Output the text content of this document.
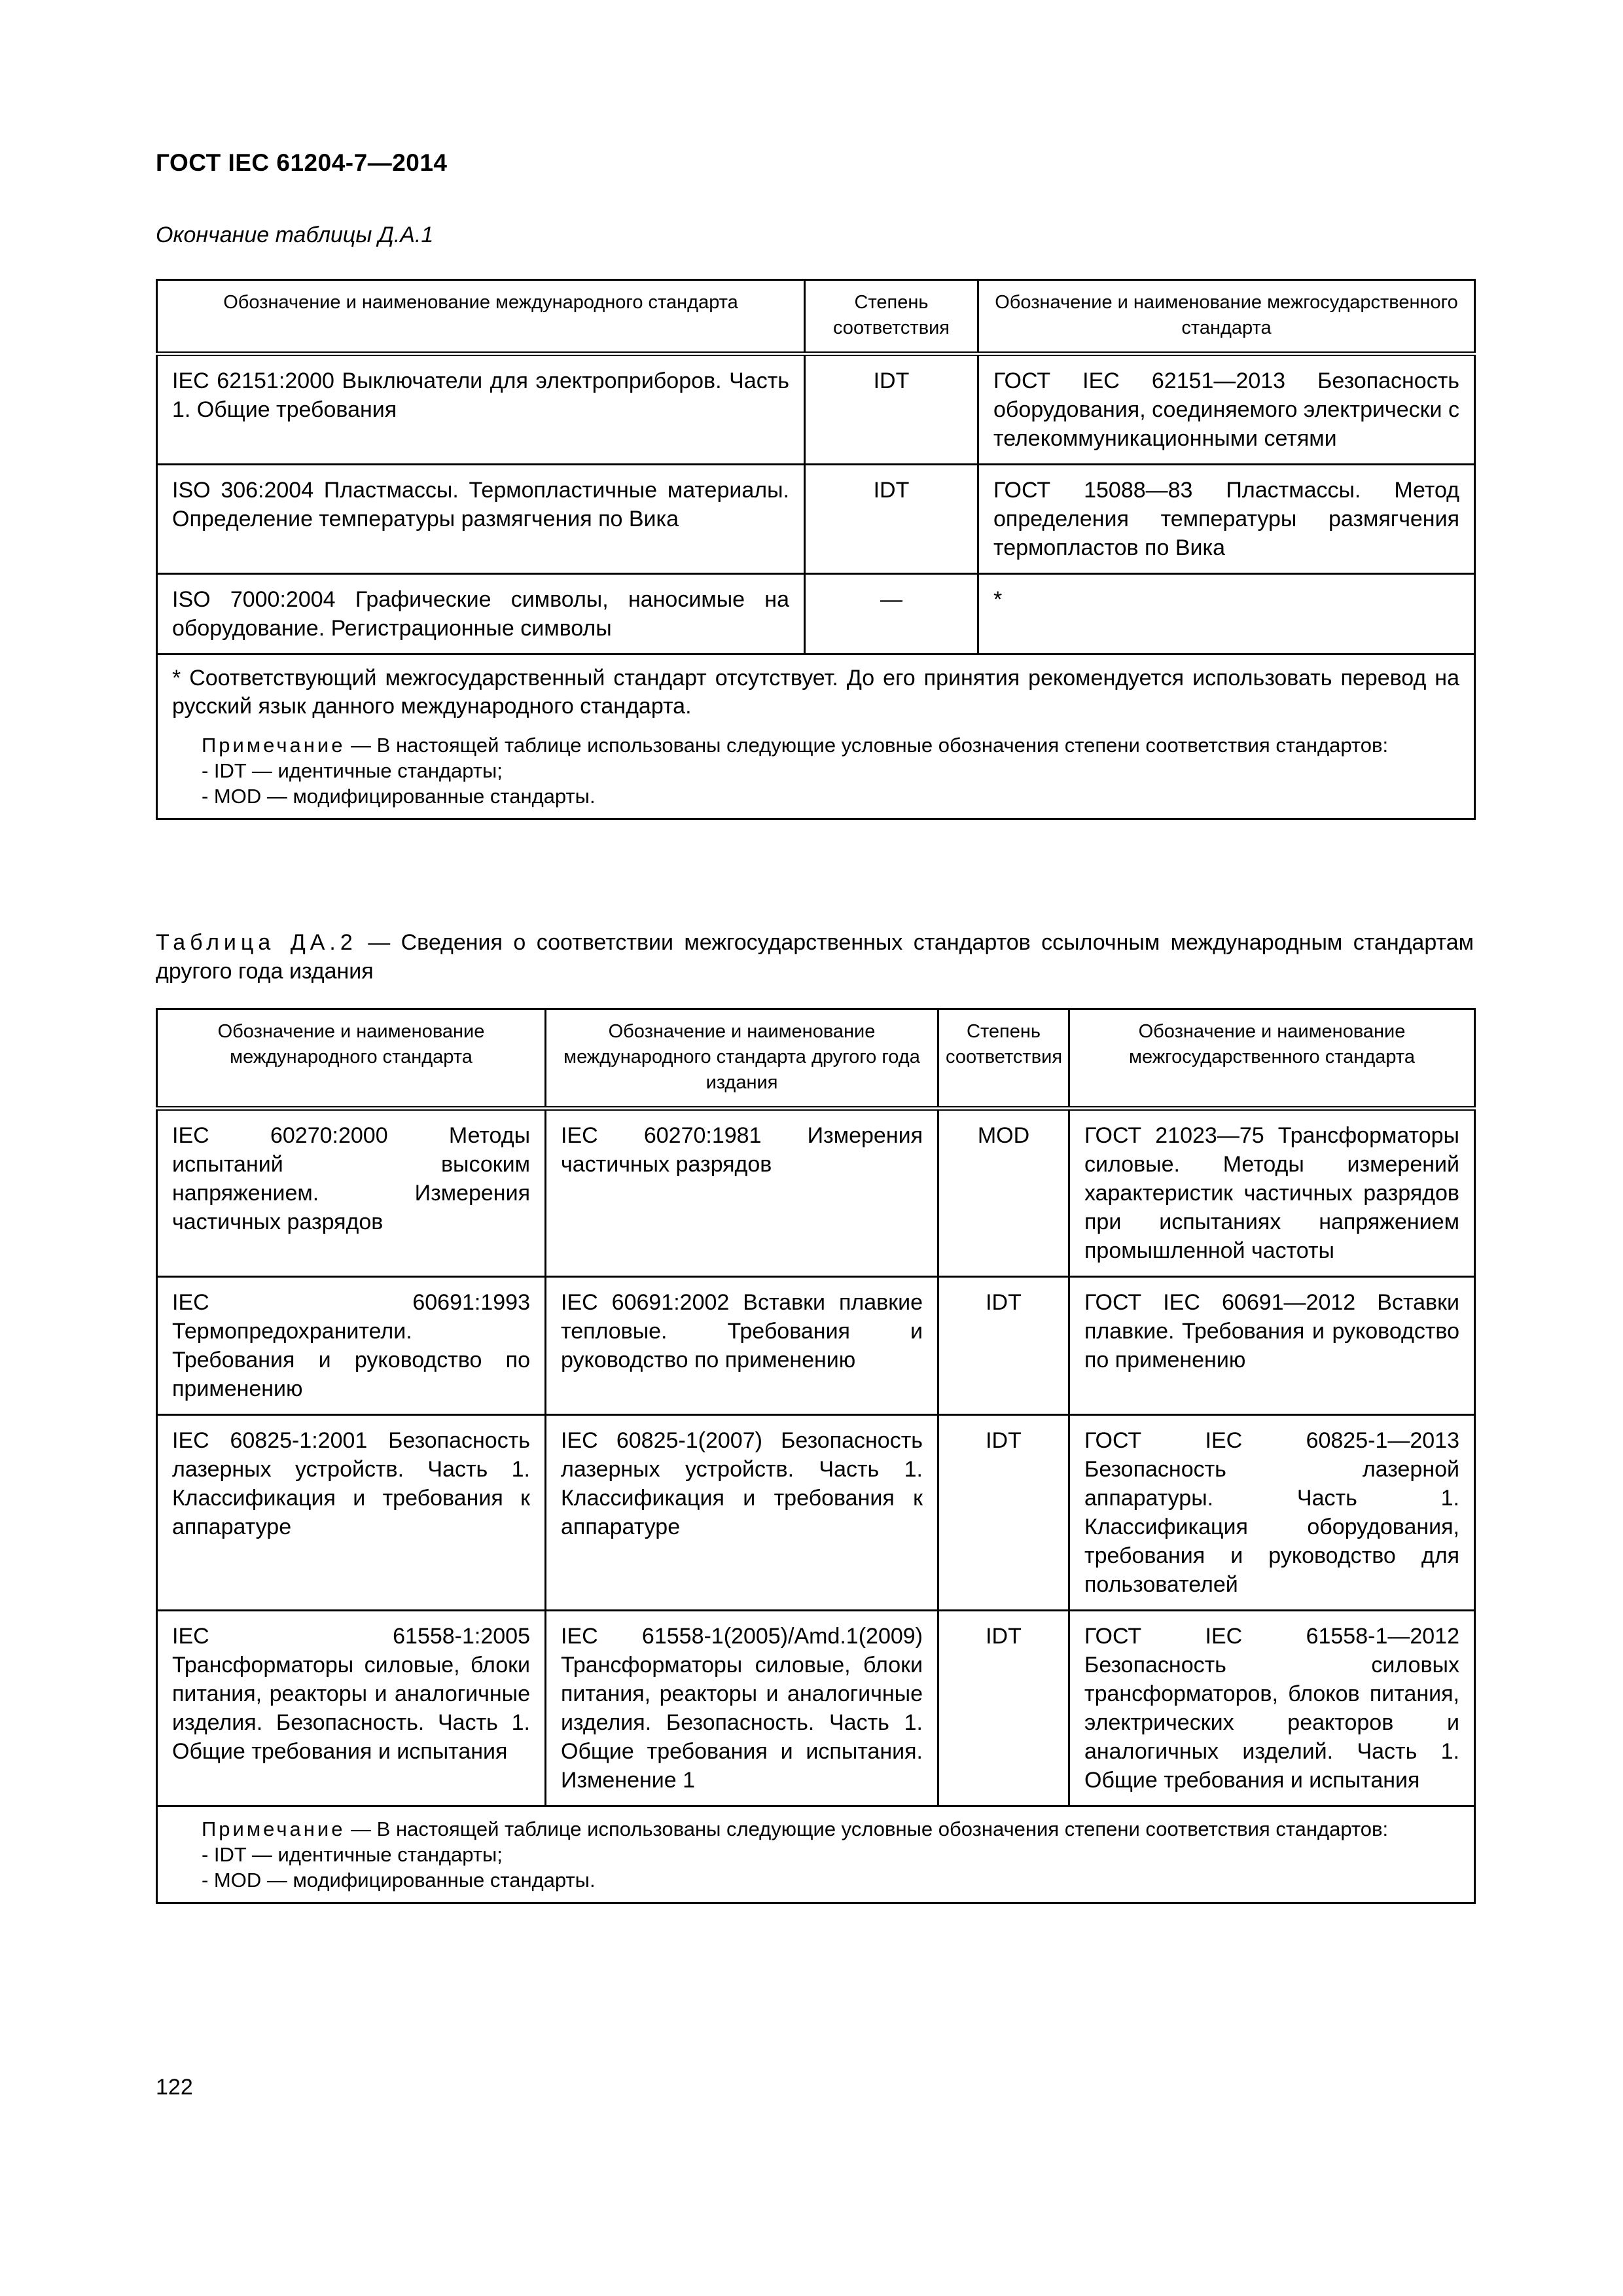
ГОСТ IEC 61204-7—2014
Окончание таблицы Д.А.1
Обозначение и наименование международного стандарта	Степень соответствия	Обозначение и наименование межгосударственного стандарта
IEC 62151:2000 Выключатели для электроприборов. Часть 1. Общие требования	IDT	ГОСТ IEC 62151—2013 Безопасность оборудования, соединяемого электрически с телекоммуникационными сетями
ISO 306:2004 Пластмассы. Термопластичные материалы. Определение температуры размягчения по Вика	IDT	ГОСТ 15088—83 Пластмассы. Метод определения температуры размягчения термопластов по Вика
ISO 7000:2004 Графические символы, наносимые на оборудование. Регистрационные символы	—	*

* Соответствующий межгосударственный стандарт отсутствует. До его принятия рекомендуется использовать перевод на русский язык данного международного стандарта.

Примечание — В настоящей таблице использованы следующие условные обозначения степени соответствия стандартов:

- IDT — идентичные стандарты;

- MOD — модифицированные стандарты.		

Таблица ДА.2 — Сведения о соответствии межгосударственных стандартов ссылочным международным стандартам другого года издания
Обозначение и наименование международного стандарта	Обозначение и наименование международного стандарта другого года издания	Степень соответствия	Обозначение и наименование межгосударственного стандарта
IEC 60270:2000 Методы испытаний высоким напряжением. Измерения частичных разрядов	IEC 60270:1981 Измерения частичных разрядов	MOD	ГОСТ 21023—75 Трансформаторы силовые. Методы измерений характеристик частичных разрядов при испытаниях напряжением промышленной частоты
IEC 60691:1993 Термопредохранители. Требования и руководство по применению	IEC 60691:2002 Вставки плавкие тепловые. Требования и руководство по применению	IDT	ГОСТ IEC 60691—2012 Вставки плавкие. Требования и руководство по применению
IEC 60825-1:2001 Безопасность лазерных устройств. Часть 1. Классификация и требования к аппаратуре	IEC 60825-1(2007) Безопасность лазерных устройств. Часть 1. Классификация и требования к аппаратуре	IDT	ГОСТ IEC 60825-1—2013 Безопасность лазерной аппаратуры. Часть 1. Классификация оборудования, требования и руководство для пользователей
IEC 61558-1:2005 Трансформаторы силовые, блоки питания, реакторы и аналогичные изделия. Безопасность. Часть 1. Общие требования и испытания	IEC 61558-1(2005)/Amd.1(2009) Трансформаторы силовые, блоки питания, реакторы и аналогичные изделия. Безопасность. Часть 1. Общие требования и испытания. Изменение 1	IDT	ГОСТ IEC 61558-1—2012 Безопасность силовых трансформаторов, блоков питания, электрических реакторов и аналогичных изделий. Часть 1. Общие требования и испытания

Примечание — В настоящей таблице использованы следующие условные обозначения степени соответствия стандартов:

- IDT — идентичные стандарты;

- MOD — модифицированные стандарты.			

122
